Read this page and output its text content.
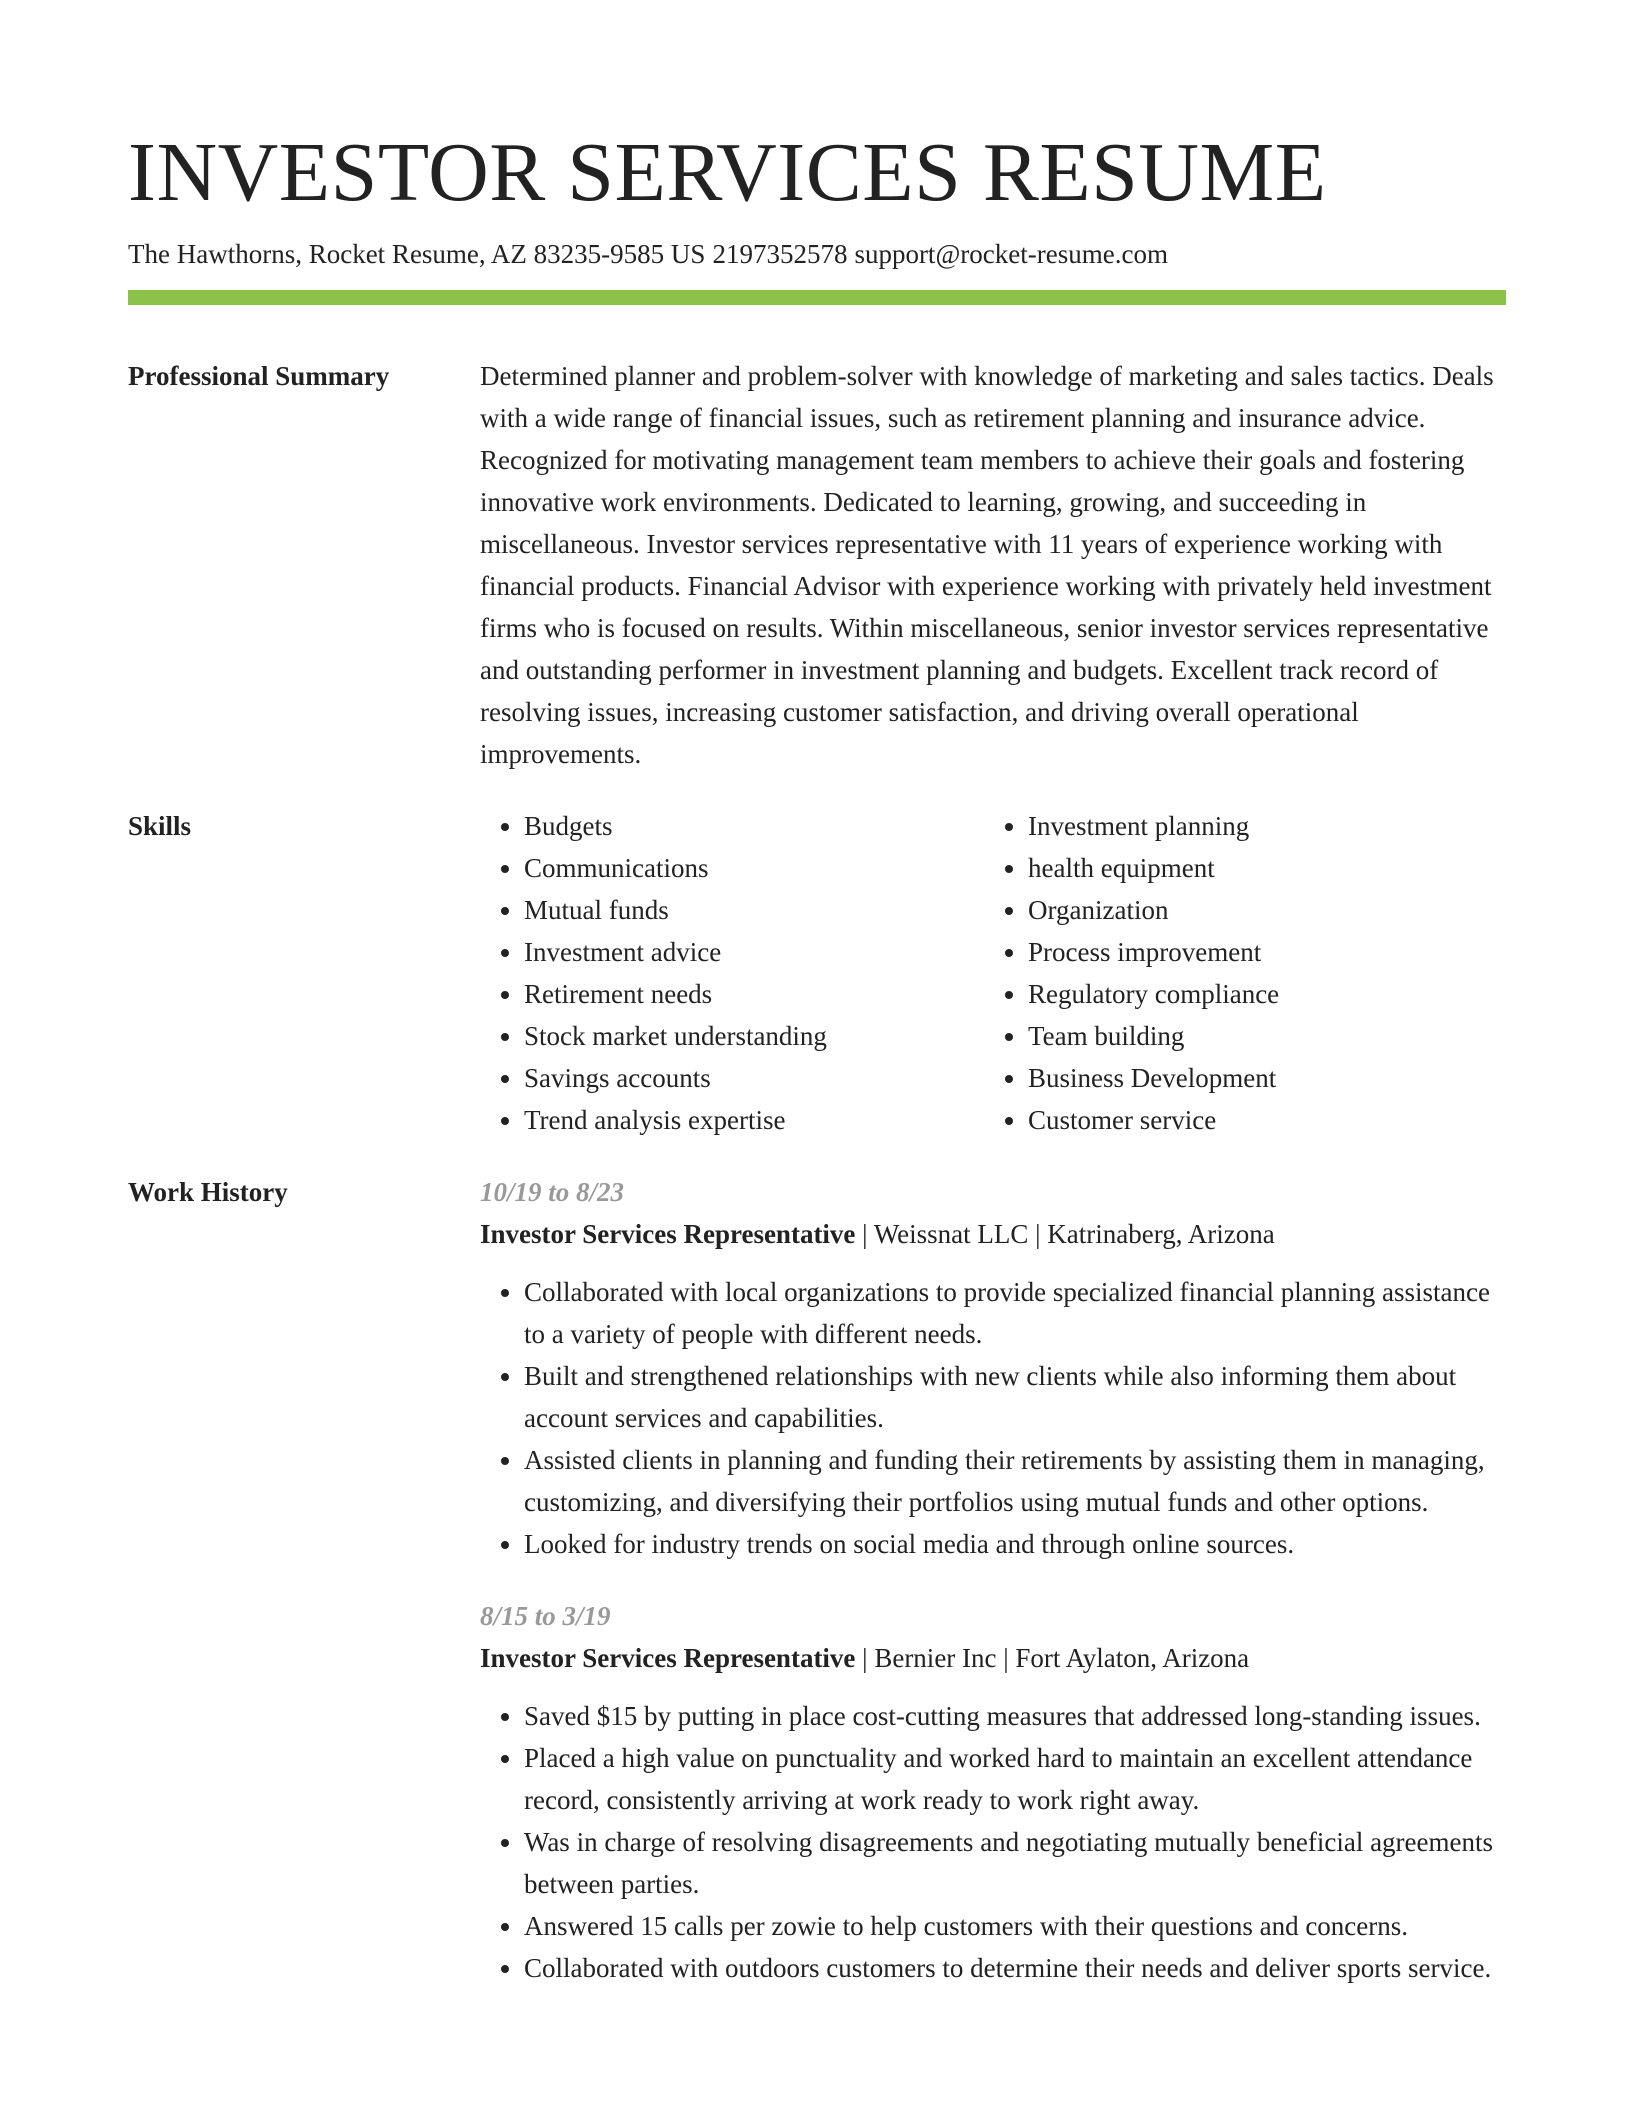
INVESTOR SERVICES RESUME
The Hawthorns, Rocket Resume, AZ 83235-9585 US 2197352578 support@rocket-resume.com
Professional Summary	Determined planner and problem-solver with knowledge of marketing and sales tactics. Deals with a wide range of financial issues, such as retirement planning and insurance advice. Recognized for motivating management team members to achieve their goals and fostering innovative work environments. Dedicated to learning, growing, and succeeding in miscellaneous. Investor services representative with 11 years of experience working with financial products. Financial Advisor with experience working with privately held investment firms who is focused on results. Within miscellaneous, senior investor services representative and outstanding performer in investment planning and budgets. Excellent track record of resolving issues, increasing customer satisfaction, and driving overall operational improvements.
Skills
•	Budgets
• Communications
• Mutual funds
• Investment advice
• Retirement needs
• Stock market understanding
• Savings accounts
• Trend analysis expertise
• Investment planning
• health equipment
• Organization
• Process improvement
• Regulatory compliance
• Team building
• Business Development
• Customer service
Work History	10/19 to 8/23
Investor Services Representative | Weissnat LLC | Katrinaberg, Arizona
• Collaborated with local organizations to provide specialized financial planning assistance to a variety of people with different needs.
• Built and strengthened relationships with new clients while also informing them about account services and capabilities.
• Assisted clients in planning and funding their retirements by assisting them in managing, customizing, and diversifying their portfolios using mutual funds and other options.
• Looked for industry trends on social media and through online sources.
8/15 to 3/19
Investor Services Representative | Bernier Inc | Fort Aylaton, Arizona
• Saved $15 by putting in place cost-cutting measures that addressed long-standing issues.
• Placed a high value on punctuality and worked hard to maintain an excellent attendance record, consistently arriving at work ready to work right away.
• Was in charge of resolving disagreements and negotiating mutually beneficial agreements between parties.
• Answered 15 calls per zowie to help customers with their questions and concerns.
• Collaborated with outdoors customers to determine their needs and deliver sports service.
